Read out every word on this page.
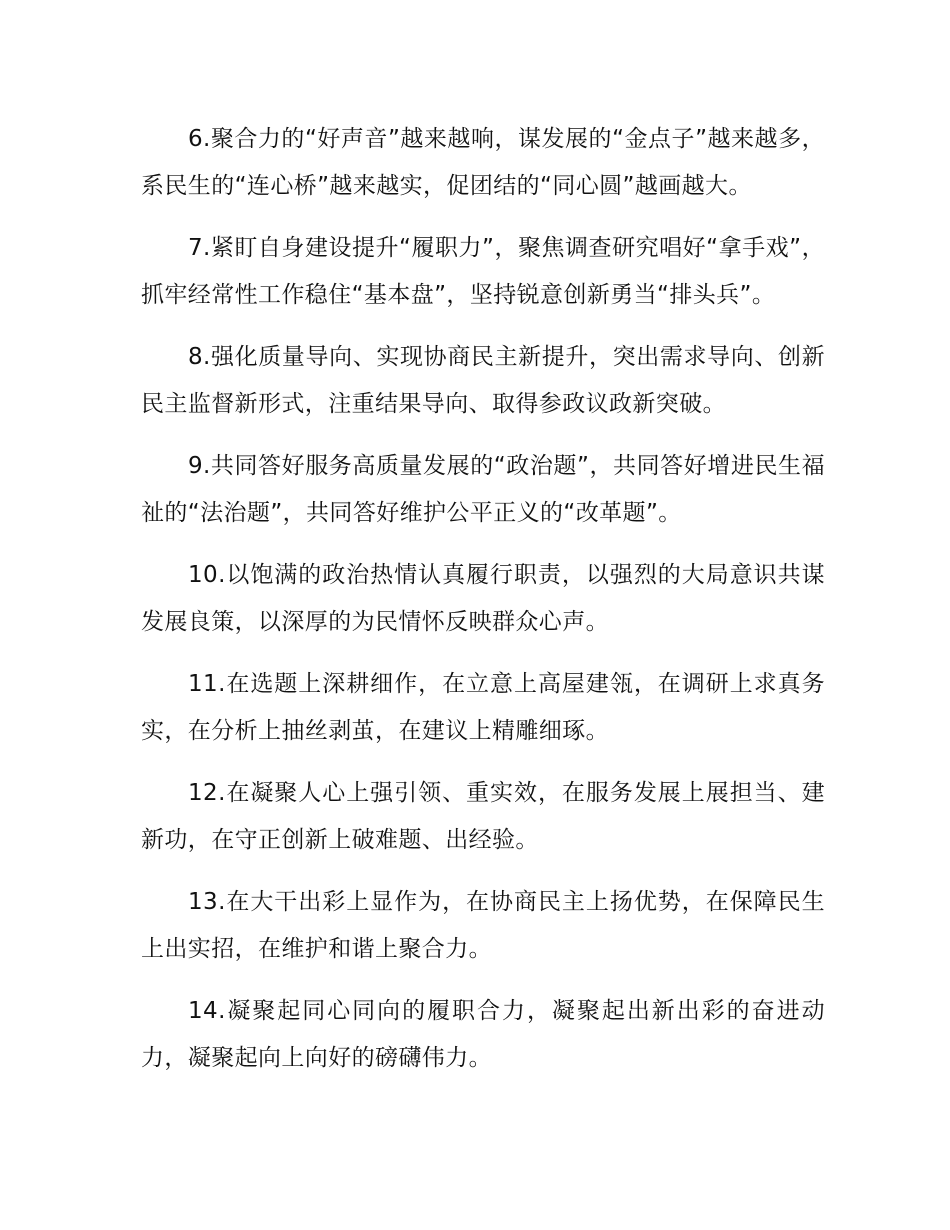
6.聚合力的“好声音”越来越响，谋发展的“金点子”越来越多，系民生的“连心桥”越来越实，促团结的“同心圆”越画越大。

7.紧盯自身建设提升“履职力”，聚焦调查研究唱好“拿手戏”，抓牢经常性工作稳住“基本盘”，坚持锐意创新勇当“排头兵”。

8.强化质量导向、实现协商民主新提升，突出需求导向、创新民主监督新形式，注重结果导向、取得参政议政新突破。

9.共同答好服务高质量发展的“政治题”，共同答好增进民生福祉的“法治题”，共同答好维护公平正义的“改革题”。

10.以饱满的政治热情认真履行职责，以强烈的大局意识共谋发展良策，以深厚的为民情怀反映群众心声。

11.在选题上深耕细作，在立意上高屋建瓴，在调研上求真务实，在分析上抽丝剥茧，在建议上精雕细琢。

12.在凝聚人心上强引领、重实效，在服务发展上展担当、建新功，在守正创新上破难题、出经验。

13.在大干出彩上显作为，在协商民主上扬优势，在保障民生上出实招，在维护和谐上聚合力。

14.凝聚起同心同向的履职合力，凝聚起出新出彩的奋进动力，凝聚起向上向好的磅礴伟力。
